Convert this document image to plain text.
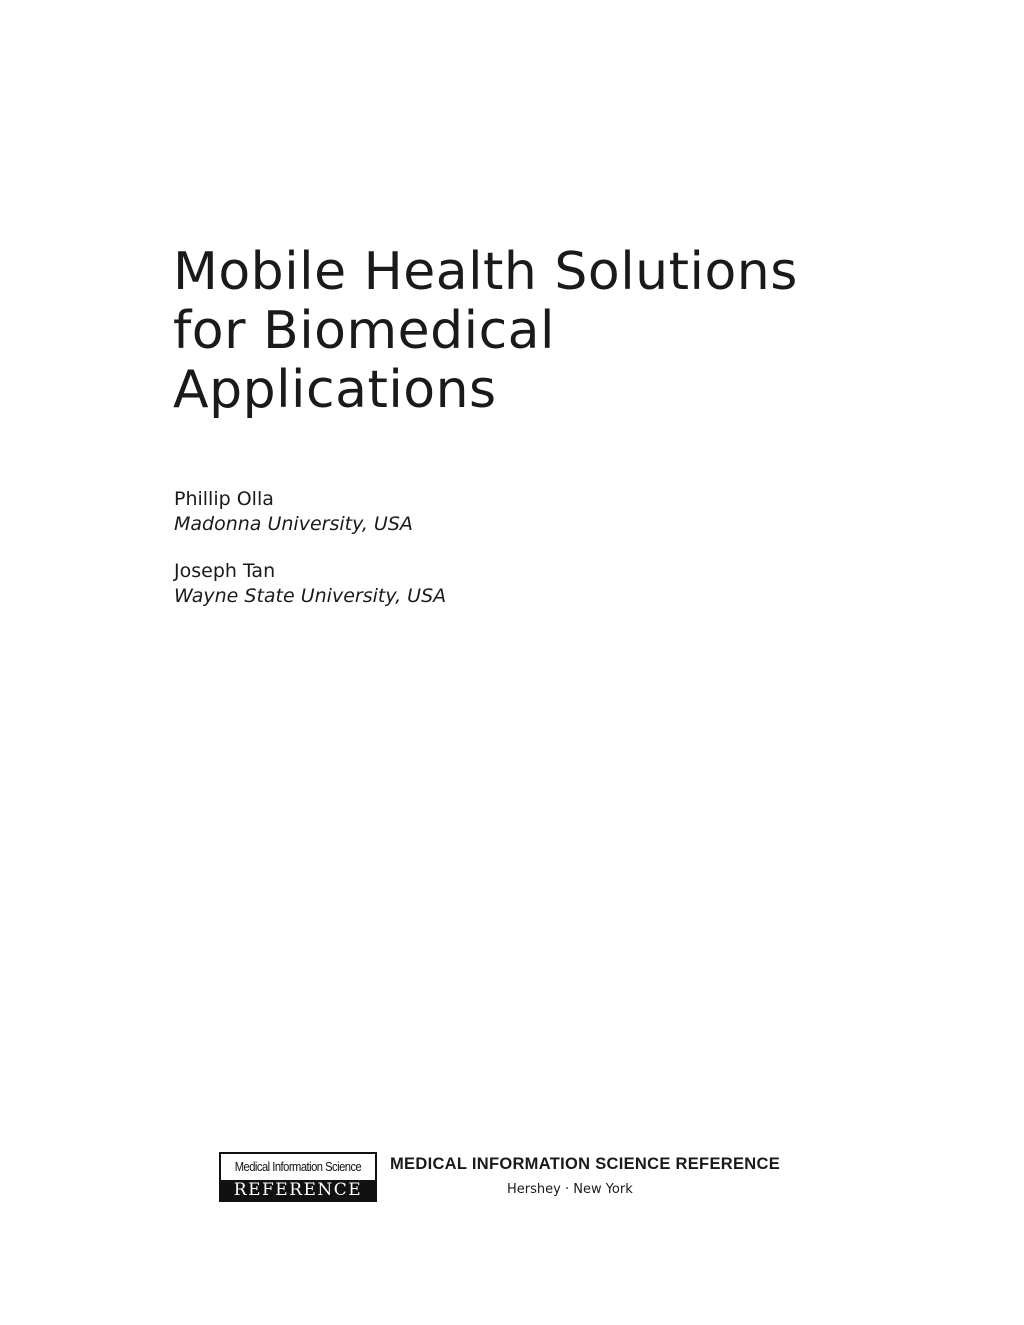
Mobile Health Solutions
for Biomedical
Applications
Phillip Olla
Madonna University, USA
Joseph Tan
Wayne State University, USA
Medical Information Science
REFERENCE
MEDICAL INFORMATION SCIENCE REFERENCE
Hershey · New York
